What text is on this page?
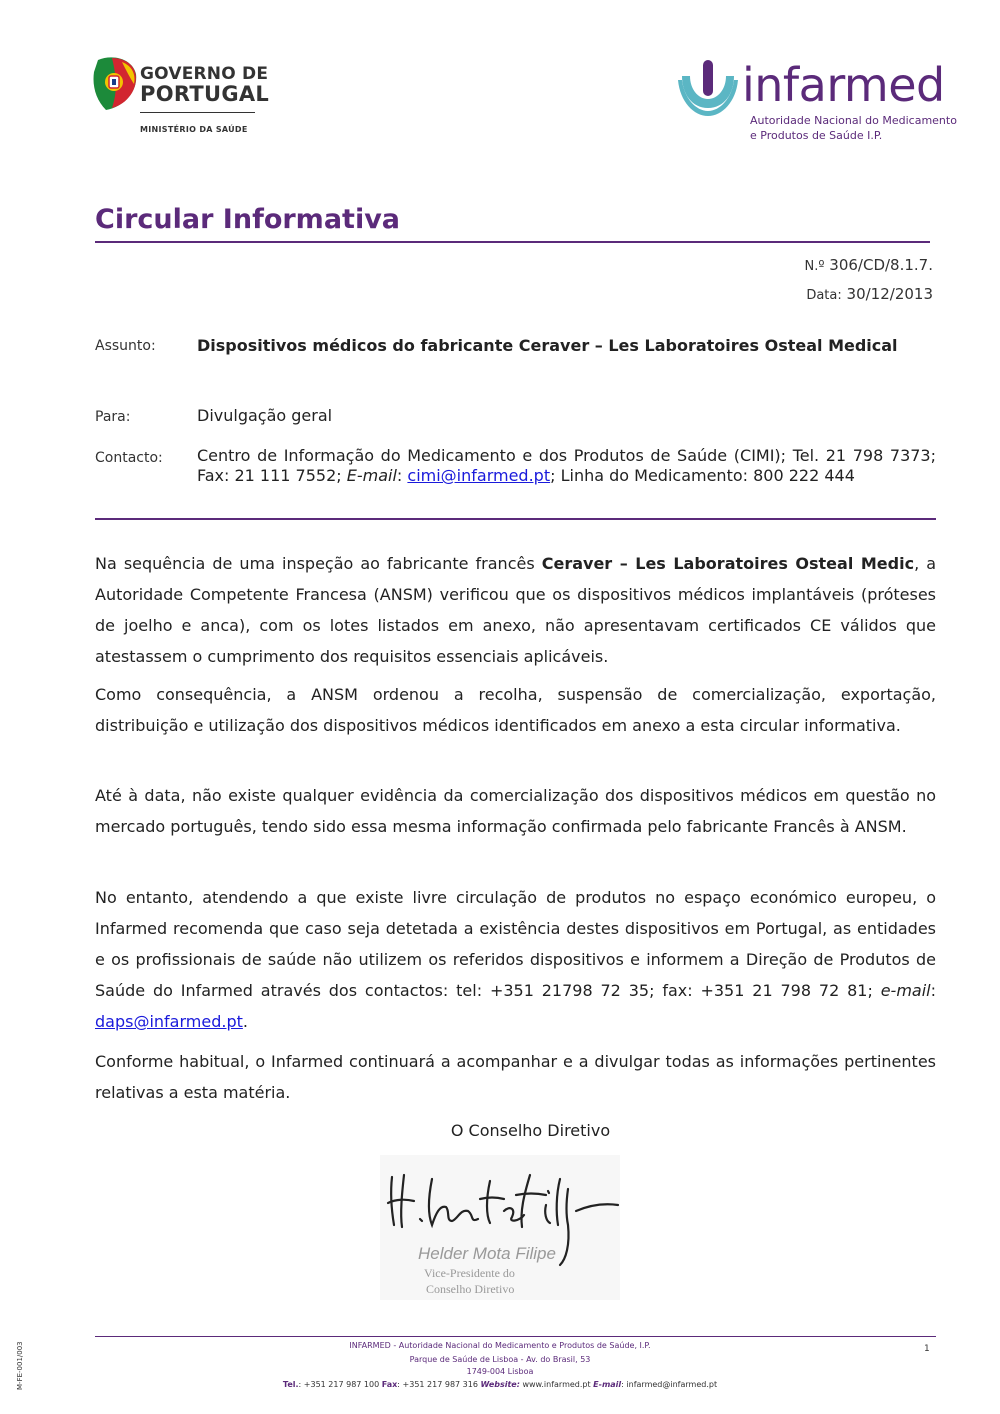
GOVERNO DE
PORTUGAL
MINISTÉRIO DA SAÚDE
infarmed
Autoridade Nacional do Medicamento
e Produtos de Saúde I.P.
Circular Informativa
N.º 306/CD/8.1.7.
Data: 30/12/2013
Assunto:	Dispositivos médicos do fabricante Ceraver – Les Laboratoires Osteal Medical
Para:	Divulgação geral
Contacto: Centro de Informação do Medicamento e dos Produtos de Saúde (CIMI); Tel. 21 798 7373; Fax: 21 111 7552; E-mail: cimi@infarmed.pt; Linha do Medicamento: 800 222 444
Na sequência de uma inspeção ao fabricante francês Ceraver – Les Laboratoires Osteal Medic, a Autoridade Competente Francesa (ANSM) verificou que os dispositivos médicos implantáveis (próteses de joelho e anca), com os lotes listados em anexo, não apresentavam certificados CE válidos que atestassem o cumprimento dos requisitos essenciais aplicáveis.
Como consequência, a ANSM ordenou a recolha, suspensão de comercialização, exportação, distribuição e utilização dos dispositivos médicos identificados em anexo a esta circular informativa.
Até à data, não existe qualquer evidência da comercialização dos dispositivos médicos em questão no mercado português, tendo sido essa mesma informação confirmada pelo fabricante Francês à ANSM.
No entanto, atendendo a que existe livre circulação de produtos no espaço económico europeu, o Infarmed recomenda que caso seja detetada a existência destes dispositivos em Portugal, as entidades e os profissionais de saúde não utilizem os referidos dispositivos e informem a Direção de Produtos de Saúde do Infarmed através dos contactos: tel: +351 21798 72 35; fax: +351 21 798 72 81; e-mail: daps@infarmed.pt.
Conforme habitual, o Infarmed continuará a acompanhar e a divulgar todas as informações pertinentes relativas a esta matéria.
O Conselho Diretivo
Helder Mota Filipe
Vice-Presidente do
Conselho Diretivo
INFARMED - Autoridade Nacional do Medicamento e Produtos de Saúde, I.P.
Parque de Saúde de Lisboa - Av. do Brasil, 53
1749-004 Lisboa
Tel.: +351 217 987 100 Fax: +351 217 987 316 Website: www.infarmed.pt E-mail: infarmed@infarmed.pt
1
M-FE-001/003
